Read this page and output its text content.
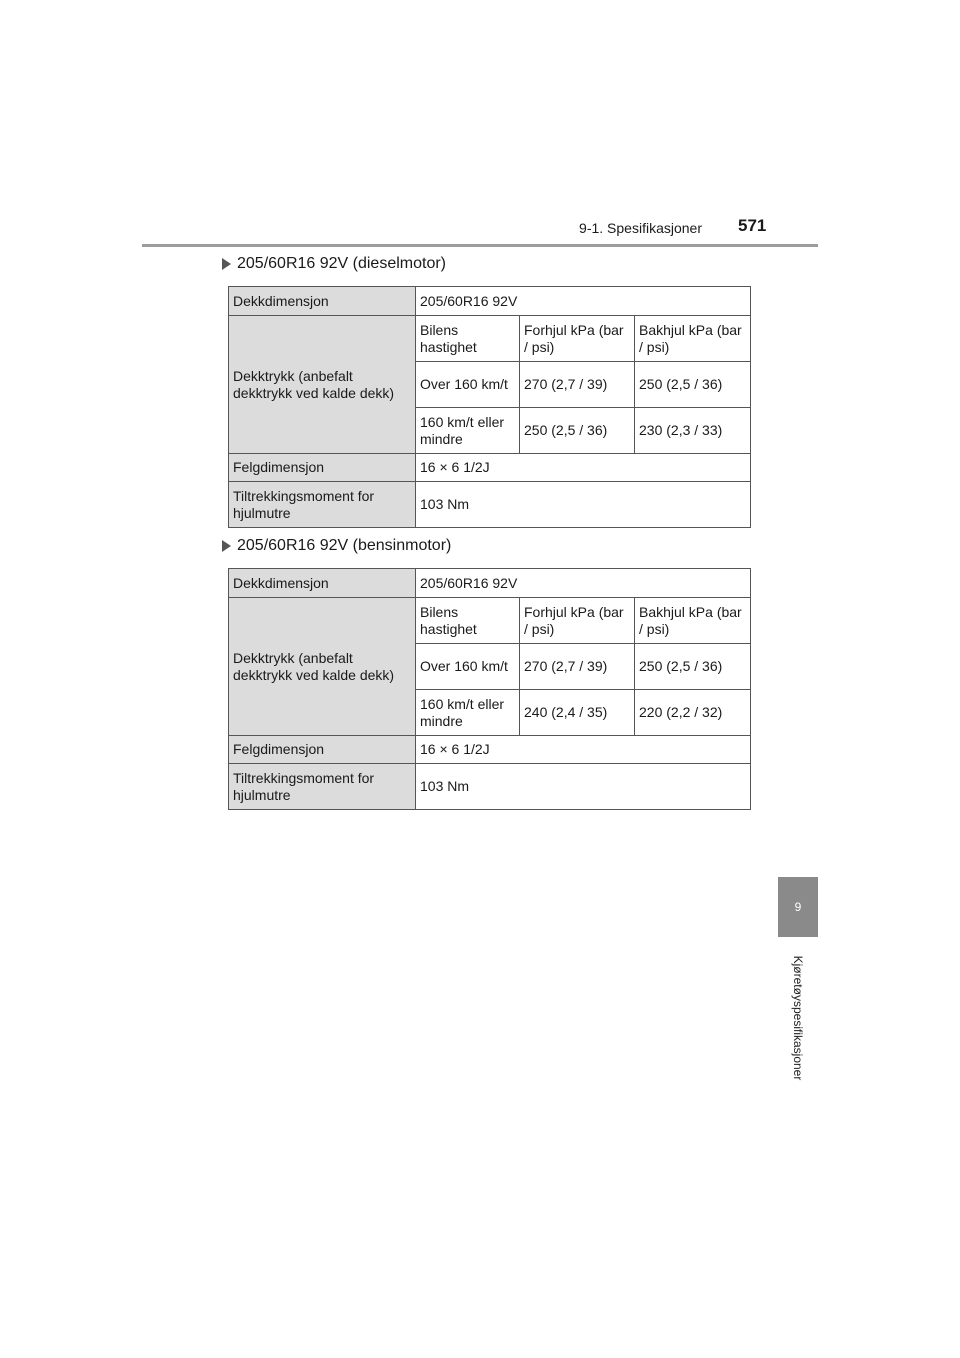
9-1. Spesifikasjoner 571
9
Kjøretøyspesifikasjoner
205/60R16 92V (dieselmotor)
Dekkdimensjon	205/60R16 92V		
Dekktrykk (anbefalt dekktrykk ved kalde dekk)	Bilens hastighet	Forhjul kPa (bar / psi)	Bakhjul kPa (bar / psi)
	Over 160 km/t	270 (2,7 / 39)	250 (2,5 / 36)
	160 km/t eller mindre	250 (2,5 / 36)	230 (2,3 / 33)
Felgdimensjon	16 × 6 1/2J		
Tiltrekkingsmoment for hjulmutre	103 Nm		
205/60R16 92V (bensinmotor)
Dekkdimensjon	205/60R16 92V		
Dekktrykk (anbefalt dekktrykk ved kalde dekk)	Bilens hastighet	Forhjul kPa (bar / psi)	Bakhjul kPa (bar / psi)
	Over 160 km/t	270 (2,7 / 39)	250 (2,5 / 36)
	160 km/t eller mindre	240 (2,4 / 35)	220 (2,2 / 32)
Felgdimensjon	16 × 6 1/2J		
Tiltrekkingsmoment for hjulmutre	103 Nm		
